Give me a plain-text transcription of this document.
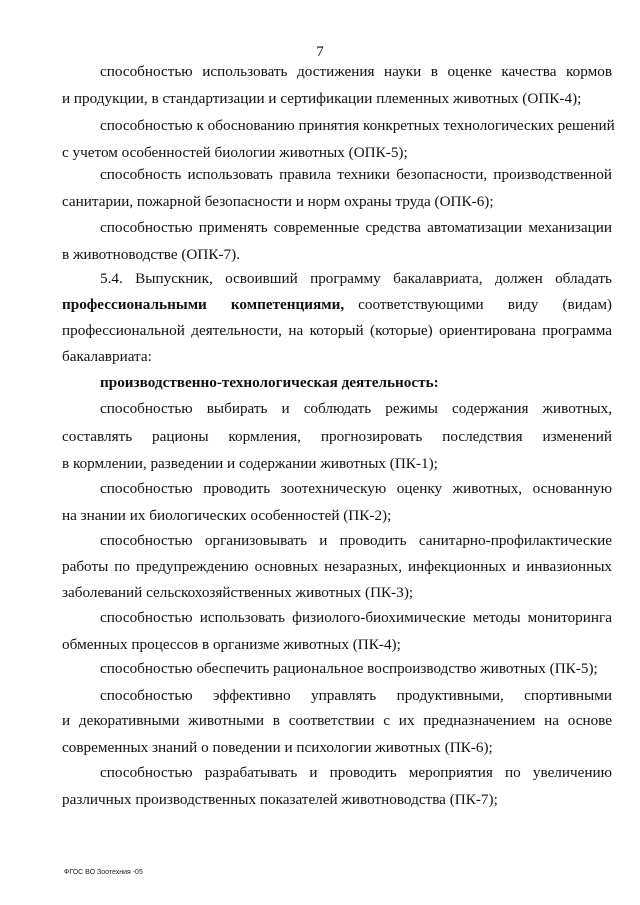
7
способностью использовать достижения науки в оценке качества кормов
и продукции, в стандартизации и сертификации племенных животных (ОПК-4);
способностью к обоснованию принятия конкретных технологических решений
с учетом особенностей биологии животных (ОПК-5);
способность использовать правила техники безопасности, производственной
санитарии, пожарной безопасности и норм охраны труда (ОПК-6);
способностью применять современные средства автоматизации механизации
в животноводстве (ОПК-7).
5.4. Выпускник, освоивший программу бакалавриата, должен обладать
профессиональными компетенциями, соответствующими виду (видам)
профессиональной деятельности, на который (которые) ориентирована программа
бакалавриата:
производственно-технологическая деятельность:
способностью выбирать и соблюдать режимы содержания животных,
составлять рационы кормления, прогнозировать последствия изменений
в кормлении, разведении и содержании животных (ПК-1);
способностью проводить зоотехническую оценку животных, основанную
на знании их биологических особенностей (ПК-2);
способностью организовывать и проводить санитарно-профилактические
работы по предупреждению основных незаразных, инфекционных и инвазионных
заболеваний сельскохозяйственных животных (ПК-3);
способностью использовать физиолого-биохимические методы мониторинга
обменных процессов в организме животных (ПК-4);
способностью обеспечить рациональное воспроизводство животных (ПК-5);
способностью эффективно управлять продуктивными, спортивными
и декоративными животными в соответствии с их предназначением на основе
современных знаний о поведении и психологии животных (ПК-6);
способностью разрабатывать и проводить мероприятия по увеличению
различных производственных показателей животноводства (ПК-7);
ФГОС ВО Зоотехния -05
